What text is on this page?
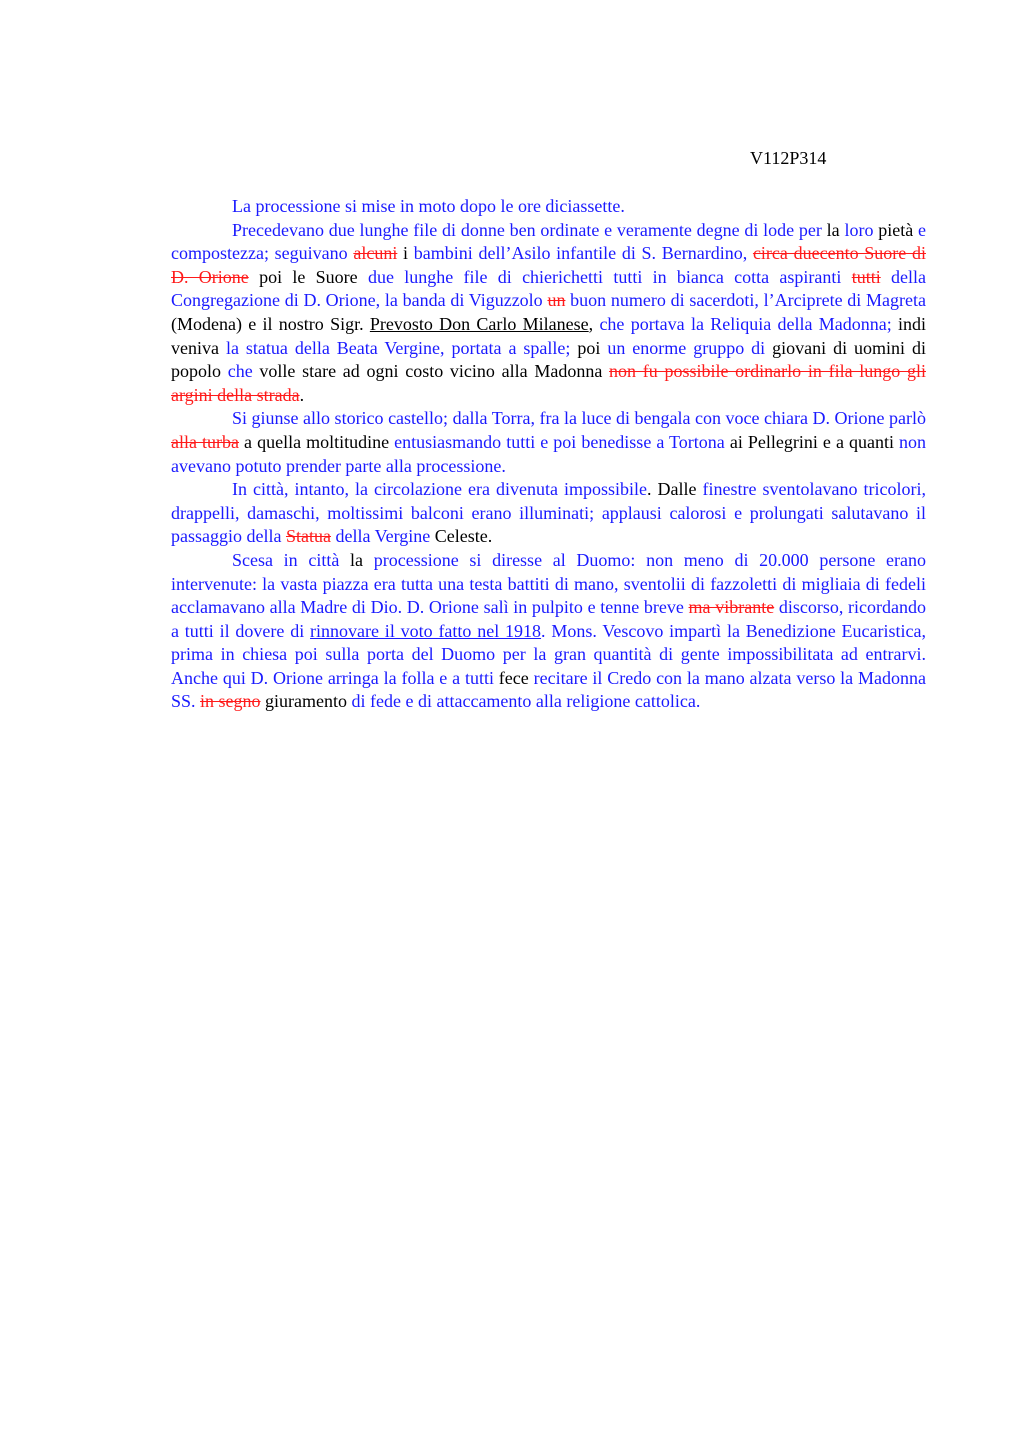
V112P314

La processione si mise in moto dopo le ore diciassette.

Precedevano due lunghe file di donne ben ordinate e veramente degne di lode per la loro pietà e compostezza; seguivano alcuni i bambini dell’Asilo infantile di S. Bernardino, circa duecento Suore di D. Orione poi le Suore due lunghe file di chierichetti tutti in bianca cotta aspiranti tutti della Congregazione di D. Orione, la banda di Viguzzolo un buon numero di sacerdoti, l’Arciprete di Magreta (Modena) e il nostro Sigr. Prevosto Don Carlo Milanese, che portava la Reliquia della Madonna; indi veniva la statua della Beata Vergine, portata a spalle; poi un enorme gruppo di giovani di uomini di popolo che volle stare ad ogni costo vicino alla Madonna non fu possibile ordinarlo in fila lungo gli argini della strada.

Si giunse allo storico castello; dalla Torra, fra la luce di bengala con voce chiara D. Orione parlò alla turba a quella moltitudine entusiasmando tutti e poi benedisse a Tortona ai Pellegrini e a quanti non avevano potuto prender parte alla processione.

In città, intanto, la circolazione era divenuta impossibile. Dalle finestre sventolavano tricolori, drappelli, damaschi, moltissimi balconi erano illuminati; applausi calorosi e prolungati salutavano il passaggio della Statua della Vergine Celeste.

Scesa in città la processione si diresse al Duomo: non meno di 20.000 persone erano intervenute: la vasta piazza era tutta una testa battiti di mano, sventolii di fazzoletti di migliaia di fedeli acclamavano alla Madre di Dio. D. Orione salì in pulpito e tenne breve ma vibrante discorso, ricordando a tutti il dovere di rinnovare il voto fatto nel 1918. Mons. Vescovo impartì la Benedizione Eucaristica, prima in chiesa poi sulla porta del Duomo per la gran quantità di gente impossibilitata ad entrarvi. Anche qui D. Orione arringa la folla e a tutti fece recitare il Credo con la mano alzata verso la Madonna SS. in segno giuramento di fede e di attaccamento alla religione cattolica.
